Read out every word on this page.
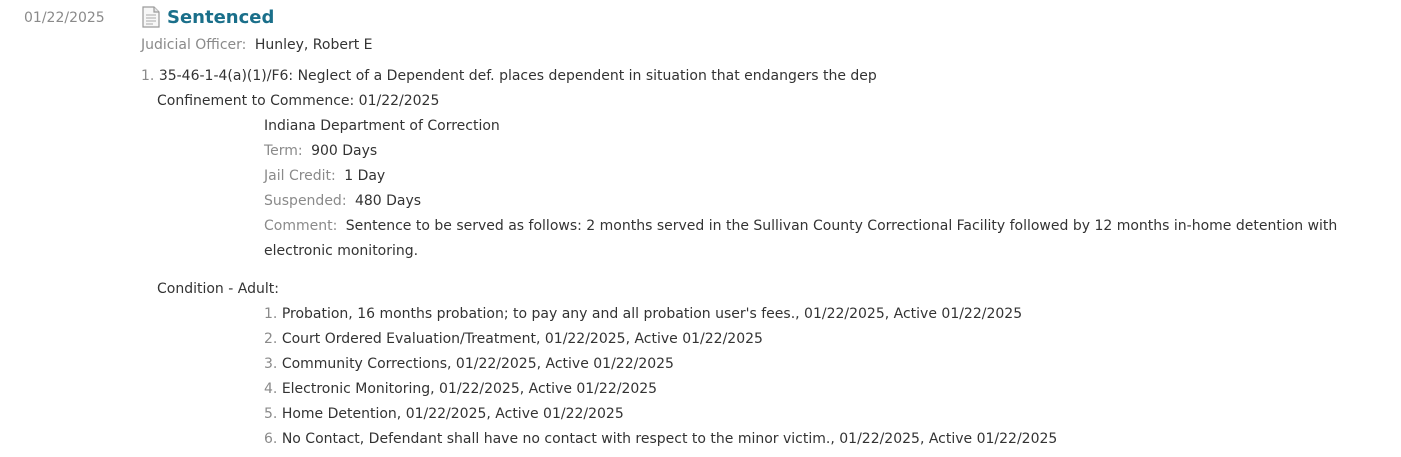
01/22/2025	Sentenced
Judicial Officer: Hunley, Robert E
1. 35-46-1-4(a)(1)/F6: Neglect of a Dependent def. places dependent in situation that endangers the dep
Confinement to Commence: 01/22/2025
Indiana Department of Correction
Term: 900 Days
Jail Credit: 1 Day
Suspended: 480 Days
Comment: Sentence to be served as follows: 2 months served in the Sullivan County Correctional Facility followed by 12 months in-home detention with electronic monitoring.
Condition - Adult:
1. Probation, 16 months probation; to pay any and all probation user's fees., 01/22/2025, Active 01/22/2025
2. Court Ordered Evaluation/Treatment, 01/22/2025, Active 01/22/2025
3. Community Corrections, 01/22/2025, Active 01/22/2025
4. Electronic Monitoring, 01/22/2025, Active 01/22/2025
5. Home Detention, 01/22/2025, Active 01/22/2025
6. No Contact, Defendant shall have no contact with respect to the minor victim., 01/22/2025, Active 01/22/2025
